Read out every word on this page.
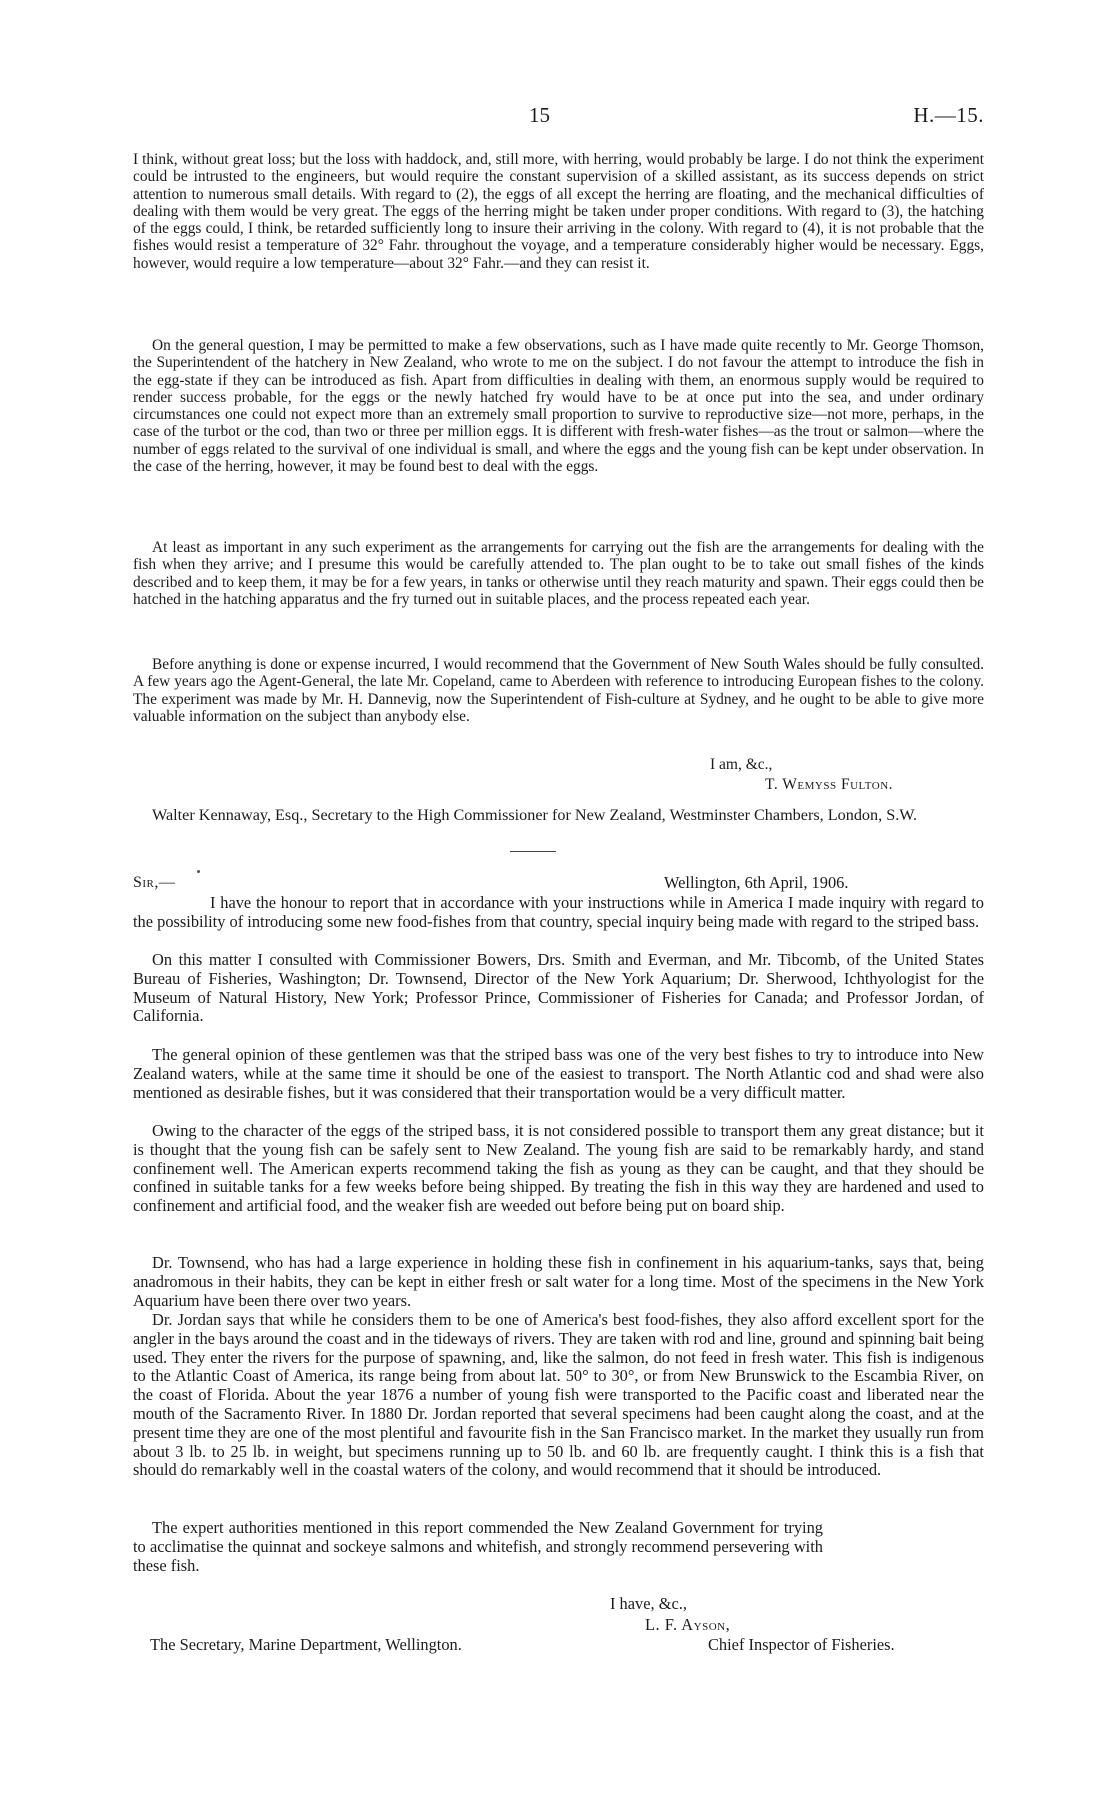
15	H.—15.

I think, without great loss; but the loss with haddock, and, still more, with herring, would probably be large. I do not think the experiment could be intrusted to the engineers, but would require the constant supervision of a skilled assistant, as its success depends on strict attention to numerous small details. With regard to (2), the eggs of all except the herring are floating, and the mechanical difficulties of dealing with them would be very great. The eggs of the herring might be taken under proper conditions. With regard to (3), the hatching of the eggs could, I think, be retarded sufficiently long to insure their arriving in the colony. With regard to (4), it is not probable that the fishes would resist a temperature of 32° Fahr. throughout the voyage, and a temperature considerably higher would be necessary. Eggs, however, would require a low temperature—about 32° Fahr.—and they can resist it.

On the general question, I may be permitted to make a few observations, such as I have made quite recently to Mr. George Thomson, the Superintendent of the hatchery in New Zealand, who wrote to me on the subject. I do not favour the attempt to introduce the fish in the egg-state if they can be introduced as fish. Apart from difficulties in dealing with them, an enormous supply would be required to render success probable, for the eggs or the newly hatched fry would have to be at once put into the sea, and under ordinary circumstances one could not expect more than an extremely small proportion to survive to reproductive size—not more, perhaps, in the case of the turbot or the cod, than two or three per million eggs. It is different with fresh-water fishes—as the trout or salmon—where the number of eggs related to the survival of one individual is small, and where the eggs and the young fish can be kept under observation. In the case of the herring, however, it may be found best to deal with the eggs.

At least as important in any such experiment as the arrangements for carrying out the fish are the arrangements for dealing with the fish when they arrive; and I presume this would be carefully attended to. The plan ought to be to take out small fishes of the kinds described and to keep them, it may be for a few years, in tanks or otherwise until they reach maturity and spawn. Their eggs could then be hatched in the hatching apparatus and the fry turned out in suitable places, and the process repeated each year.

Before anything is done or expense incurred, I would recommend that the Government of New South Wales should be fully consulted. A few years ago the Agent-General, the late Mr. Copeland, came to Aberdeen with reference to introducing European fishes to the colony. The experiment was made by Mr. H. Dannevig, now the Superintendent of Fish-culture at Sydney, and he ought to be able to give more valuable information on the subject than anybody else.

I am, &c.,
T. Wemyss Fulton.

Walter Kennaway, Esq., Secretary to the High Commissioner for New Zealand, Westminster Chambers, London, S.W.

Sir,—	Wellington, 6th April, 1906.

I have the honour to report that in accordance with your instructions while in America I made inquiry with regard to the possibility of introducing some new food-fishes from that country, special inquiry being made with regard to the striped bass.

On this matter I consulted with Commissioner Bowers, Drs. Smith and Everman, and Mr. Tibcomb, of the United States Bureau of Fisheries, Washington; Dr. Townsend, Director of the New York Aquarium; Dr. Sherwood, Ichthyologist for the Museum of Natural History, New York; Professor Prince, Commissioner of Fisheries for Canada; and Professor Jordan, of California.

The general opinion of these gentlemen was that the striped bass was one of the very best fishes to try to introduce into New Zealand waters, while at the same time it should be one of the easiest to transport. The North Atlantic cod and shad were also mentioned as desirable fishes, but it was considered that their transportation would be a very difficult matter.

Owing to the character of the eggs of the striped bass, it is not considered possible to transport them any great distance; but it is thought that the young fish can be safely sent to New Zealand. The young fish are said to be remarkably hardy, and stand confinement well. The American experts recommend taking the fish as young as they can be caught, and that they should be confined in suitable tanks for a few weeks before being shipped. By treating the fish in this way they are hardened and used to confinement and artificial food, and the weaker fish are weeded out before being put on board ship.

Dr. Townsend, who has had a large experience in holding these fish in confinement in his aquarium-tanks, says that, being anadromous in their habits, they can be kept in either fresh or salt water for a long time. Most of the specimens in the New York Aquarium have been there over two years.

Dr. Jordan says that while he considers them to be one of America's best food-fishes, they also afford excellent sport for the angler in the bays around the coast and in the tideways of rivers. They are taken with rod and line, ground and spinning bait being used. They enter the rivers for the purpose of spawning, and, like the salmon, do not feed in fresh water. This fish is indigenous to the Atlantic Coast of America, its range being from about lat. 50° to 30°, or from New Brunswick to the Escambia River, on the coast of Florida. About the year 1876 a number of young fish were transported to the Pacific coast and liberated near the mouth of the Sacramento River. In 1880 Dr. Jordan reported that several specimens had been caught along the coast, and at the present time they are one of the most plentiful and favourite fish in the San Francisco market. In the market they usually run from about 3 lb. to 25 lb. in weight, but specimens running up to 50 lb. and 60 lb. are frequently caught. I think this is a fish that should do remarkably well in the coastal waters of the colony, and would recommend that it should be introduced.

The expert authorities mentioned in this report commended the New Zealand Government for trying to acclimatise the quinnat and sockeye salmons and whitefish, and strongly recommend persevering with these fish.

I have, &c.,
L. F. Ayson,
The Secretary, Marine Department, Wellington.	Chief Inspector of Fisheries.
